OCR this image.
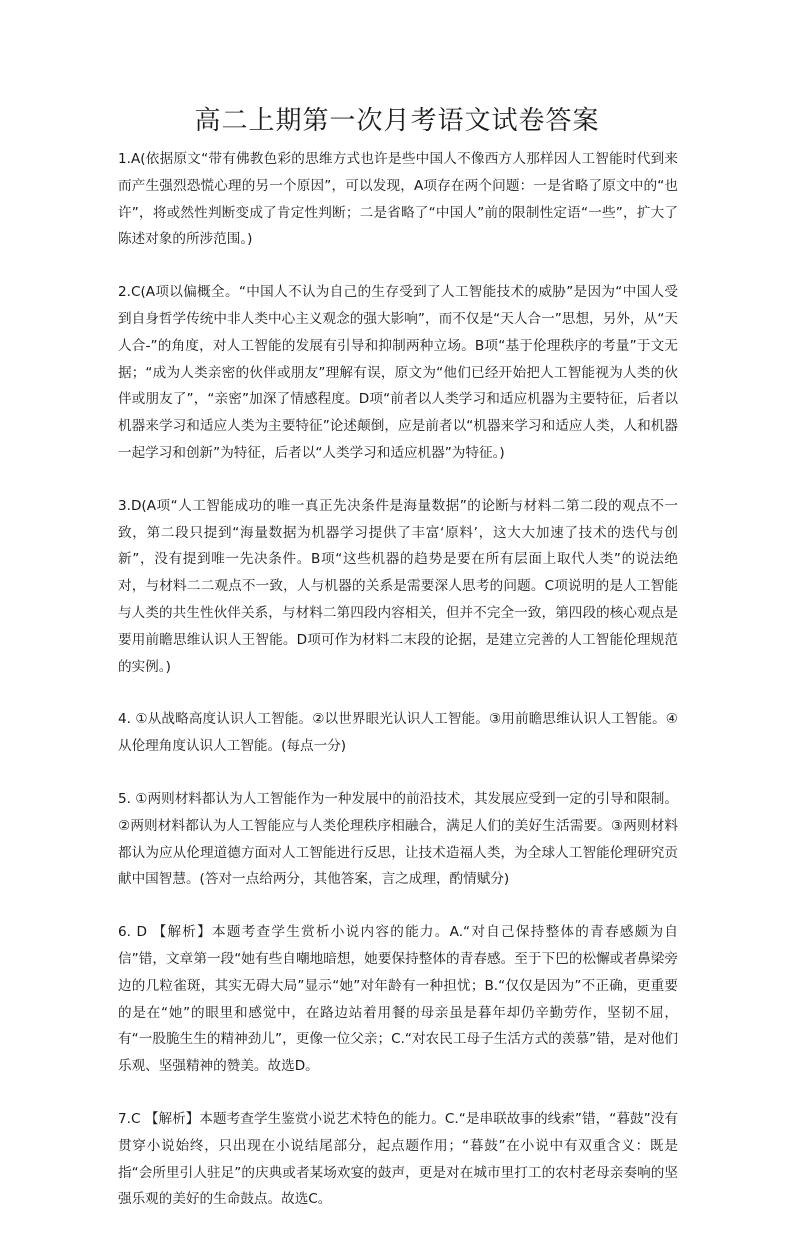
高二上期第一次月考语文试卷答案

1.A(依据原文“带有佛教色彩的思维方式也许是些中国人不像西方人那样因人工智能时代到来而产生强烈恐慌心理的另一个原因”，可以发现，A项存在两个问题：一是省略了原文中的“也许”，将或然性判断变成了肯定性判断；二是省略了“中国人”前的限制性定语“一些”，扩大了陈述对象的所涉范围。)

2.C(A项以偏概全。“中国人不认为自己的生存受到了人工智能技术的威胁”是因为“中国人受到自身哲学传统中非人类中心主义观念的强大影响”，而不仅是“天人合一”思想，另外，从“天人合-”的角度，对人工智能的发展有引导和抑制两种立场。B项“基于伦理秩序的考量”于文无据；“成为人类亲密的伙伴或朋友”理解有误，原文为“他们已经开始把人工智能视为人类的伙伴或朋友了”，“亲密”加深了情感程度。D项“前者以人类学习和适应机器为主要特征，后者以机器来学习和适应人类为主要特征”论述颠倒，应是前者以“机器来学习和适应人类，人和机器一起学习和创新”为特征，后者以“人类学习和适应机器”为特征。)

3.D(A项“人工智能成功的唯一真正先决条件是海量数据”的论断与材料二第二段的观点不一致，第二段只提到“海量数据为机器学习提供了丰富‘原料’，这大大加速了技术的迭代与创新”，没有提到唯一先决条件。B项“这些机器的趋势是要在所有层面上取代人类”的说法绝对，与材料二二观点不一致，人与机器的关系是需要深人思考的问题。C项说明的是人工智能与人类的共生性伙伴关系，与材料二第四段内容相关，但并不完全一致，第四段的核心观点是要用前瞻思维认识人王智能。D项可作为材料二末段的论据，是建立完善的人工智能伦理规范的实例。)

4. ①从战略高度认识人工智能。②以世界眼光认识人工智能。③用前瞻思维认识人工智能。④从伦理角度认识人工智能。(每点一分)

5. ①两则材料都认为人工智能作为一种发展中的前沿技术，其发展应受到一定的引导和限制。②两则材料都认为人工智能应与人类伦理秩序相融合，满足人们的美好生活需要。③两则材料都认为应从伦理道德方面对人工智能进行反思，让技术造福人类，为全球人工智能伦理研究贡献中国智慧。(答对一点给两分，其他答案，言之成理，酌情赋分)

6. D 【解析】本题考查学生赏析小说内容的能力。A.“对自己保持整体的青春感颇为自信”错，文章第一段“她有些自嘲地暗想，她要保持整体的青春感。至于下巴的松懈或者鼻梁旁边的几粒雀斑，其实无碍大局”显示“她”对年龄有一种担忧；B.“仅仅是因为”不正确，更重要的是在“她”的眼里和感觉中，在路边站着用餐的母亲虽是暮年却仍辛勤劳作，坚韧不屈，有“一股脆生生的精神劲儿”，更像一位父亲；C.“对农民工母子生活方式的羡慕”错，是对他们乐观、坚强精神的赞美。故选D。

7.C 【解析】本题考查学生鉴赏小说艺术特色的能力。C.“是串联故事的线索”错，“暮鼓”没有贯穿小说始终，只出现在小说结尾部分，起点题作用；“暮鼓”在小说中有双重含义：既是指“会所里引人驻足”的庆典或者某场欢宴的鼓声，更是对在城市里打工的农村老母亲奏响的坚强乐观的美好的生命鼓点。故选C。
